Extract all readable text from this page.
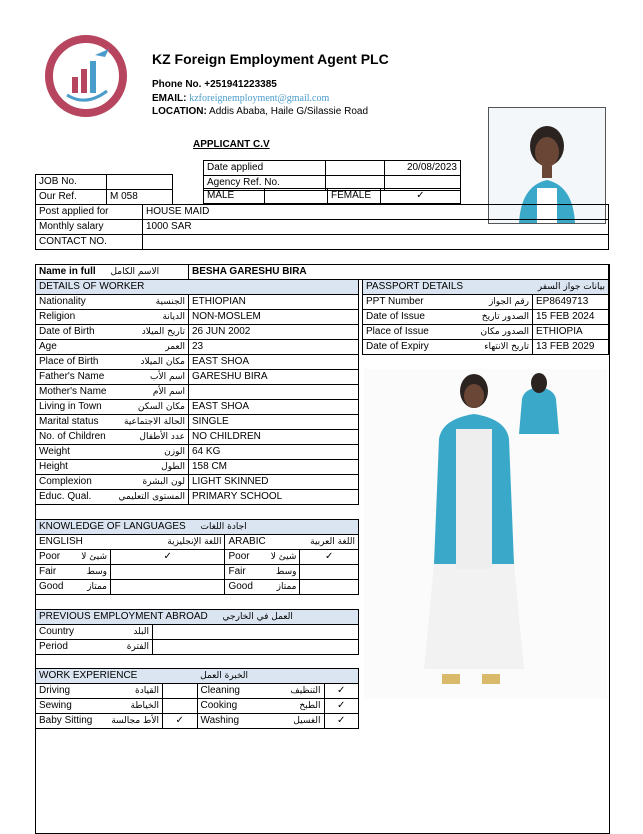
KZ Foreign Employment Agent PLC
Phone No. +251941223385
EMAIL: kzforeignemployment@gmail.com
LOCATION: Addis Ababa, Haile G/Silassie Road
APPLICANT C.V
Date applied		20/08/2023
Agency Ref. No.		
JOB No.	
Our Ref.	M 058	MALE		FEMALE	✓
Post applied for	HOUSE MAID
Monthly salary	1000 SAR
CONTACT NO.	
Name in full الاسم الكامل	BESHA GARESHU BIRA
DETAILS OF WORKER	
Nationality الجنسية	ETHIOPIAN
Religion الديانة	NON-MOSLEM
Date of Birth تاريخ الميلاد	26 JUN 2002
Age العمر	23
Place of Birth مكان الميلاد	EAST SHOA
Father's Name اسم الأب	GARESHU BIRA
Mother's Name اسم الأم	

Living in Town مكان السكن	EAST SHOA
Marital status الحالة الاجتماعية	SINGLE
No. of Children عدد الأطفال	NO CHILDREN
Weight الوزن	64 KG
Height الطول	158 CM
Complexion لون البشرة	LIGHT SKINNED
Educ. Qual. المستوى التعليمي	PRIMARY SCHOOL
PASSPORT DETAILS بيانات جواز السفر	

PPT Number رقم الجواز	EP8649713
Date of Issue الصدور تاريخ	15 FEB 2024
Place of Issue الصدور مكان	ETHIOPIA
Date of Expiry تاريخ الانتهاء	13 FEB 2029
KNOWLEDGE OF LANGUAGES اجادة اللغات			
ENGLISH اللغة الإنجليزية		ARABIC اللغة العربية	

Poor شيئ لا	✓	Poor شيئ لا	✓
Fair وسط		Fair وسط	

Good ممتاز		Good ممتاز	

PREVIOUS EMPLOYMENT ABROAD العمل في الخارجي	
Country البلد	

Period الفترة	

WORK EXPERIENCE الخبرة العمل			
Driving القيادة		Cleaning التنظيف	✓
Sewing الخياطة		Cooking الطبخ	✓
Baby Sitting الأط مجالسة	✓	Washing الغسيل	✓
